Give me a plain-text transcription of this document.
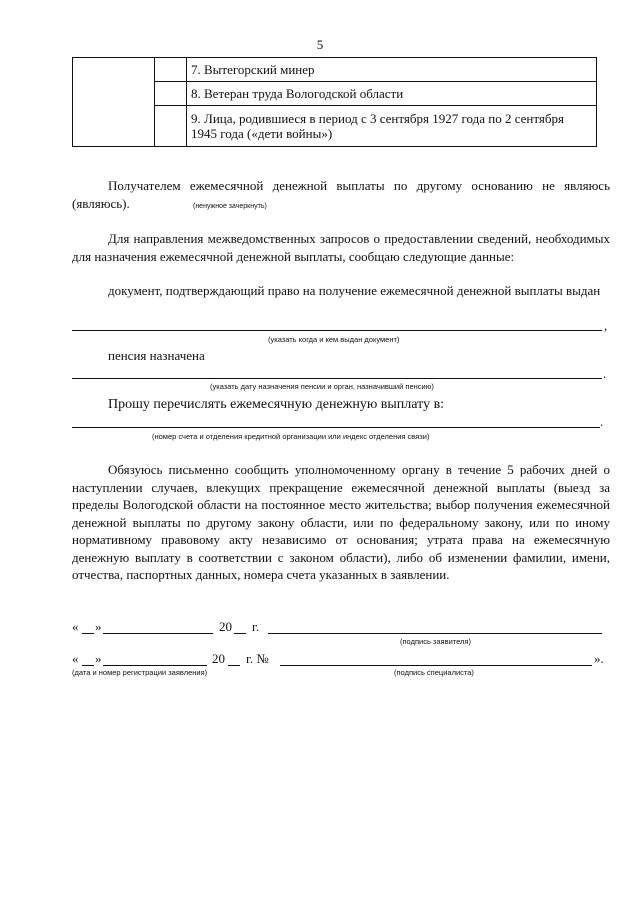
5
		7. Вытегорский минер
		8. Ветеран труда Вологодской области
		9. Лица, родившиеся в период с 3 сентября 1927 года по 2 сентября 1945 года («дети войны»)
Получателем ежемесячной денежной выплаты по другому основанию не являюсь (являюсь).	(ненужное зачеркнуть)
Для направления межведомственных запросов о предоставлении сведений, необходимых для назначения ежемесячной денежной выплаты, сообщаю следующие данные:
документ, подтверждающий право на получение ежемесячной денежной выплаты выдан
,
(указать когда и кем выдан документ)
пенсия назначена
.
(указать дату назначения пенсии и орган, назначивший пенсию)
Прошу перечислять ежемесячную денежную выплату в:
.
(номер счета и отделения кредитной организации или индекс отделения связи)
Обязуюсь письменно сообщить уполномоченному органу в течение 5 рабочих дней о наступлении случаев, влекущих прекращение ежемесячной денежной выплаты (выезд за пределы Вологодской области на постоянное место жительства; выбор получения ежемесячной денежной выплаты по другому закону области, или по федеральному закону, или по иному нормативному правовому акту независимо от основания; утрата права на ежемесячную денежную выплату в соответствии с законом области), либо об изменении фамилии, имени, отчества, паспортных данных, номера счета указанных в заявлении.
« »	20 г.
(подпись заявителя)
« »	20 г. №	».
(дата и номер регистрации заявления)	(подпись специалиста)
